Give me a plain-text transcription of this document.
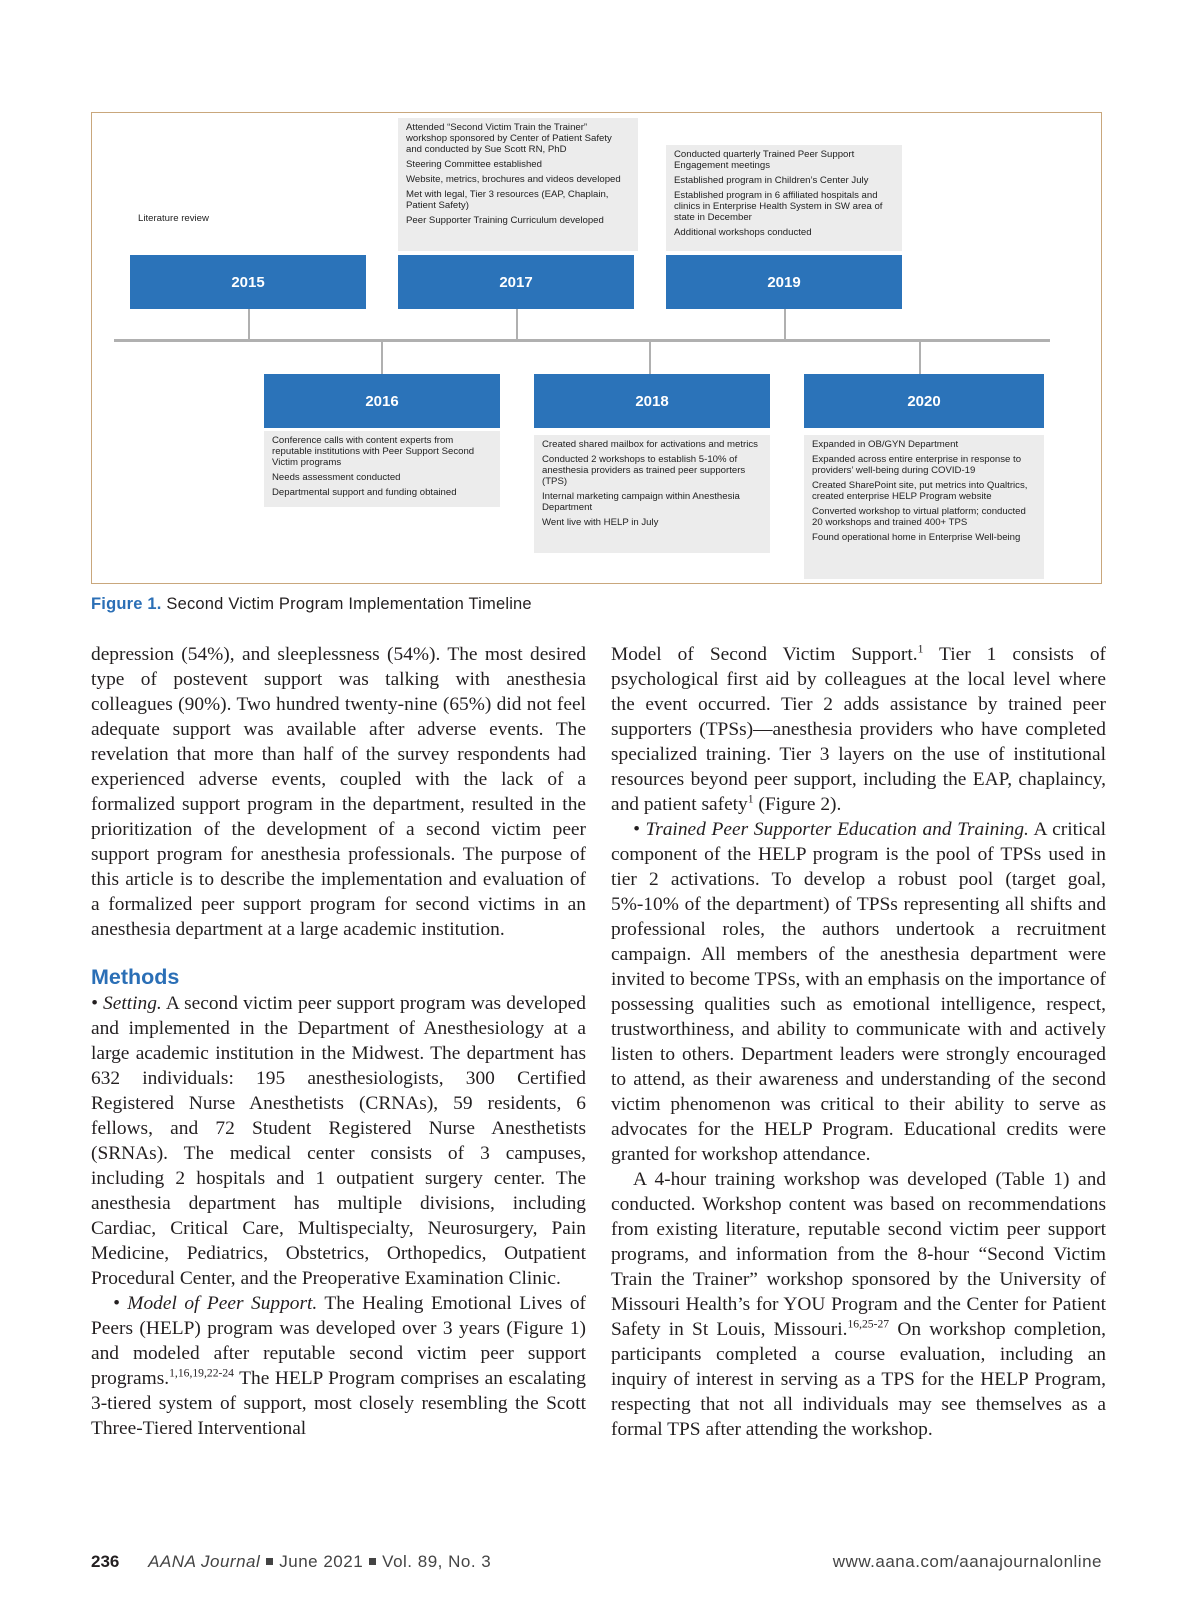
Literature review
Attended “Second Victim Train the Trainer” workshop sponsored by Center of Patient Safety and conducted by Sue Scott RN, PhD
Steering Committee established
Website, metrics, brochures and videos developed
Met with legal, Tier 3 resources (EAP, Chaplain, Patient Safety)
Peer Supporter Training Curriculum developed
Conducted quarterly Trained Peer Support Engagement meetings
Established program in Children’s Center July
Established program in 6 affiliated hospitals and clinics in Enterprise Health System in SW area of state in December
Additional workshops conducted
2015	2017	2019
2016	2018	2020
Conference calls with content experts from reputable institutions with Peer Support Second Victim programs
Needs assessment conducted
Departmental support and funding obtained
Created shared mailbox for activations and metrics
Conducted 2 workshops to establish 5-10% of anesthesia providers as trained peer supporters (TPS)
Internal marketing campaign within Anesthesia Department
Went live with HELP in July
Expanded in OB/GYN Department
Expanded across entire enterprise in response to providers’ well-being during COVID-19
Created SharePoint site, put metrics into Qualtrics, created enterprise HELP Program website
Converted workshop to virtual platform; conducted 20 workshops and trained 400+ TPS
Found operational home in Enterprise Well-being
Figure 1. Second Victim Program Implementation Timeline

depression (54%), and sleeplessness (54%). The most desired type of postevent support was talking with anesthesia colleagues (90%). Two hundred twenty-nine (65%) did not feel adequate support was available after adverse events. The revelation that more than half of the survey respondents had experienced adverse events, coupled with the lack of a formalized support program in the department, resulted in the prioritization of the development of a second victim peer support program for anesthesia professionals. The purpose of this article is to describe the implementation and evaluation of a formalized peer support program for second victims in an anesthesia department at a large academic institution.

Methods

• Setting. A second victim peer support program was developed and implemented in the Department of Anesthesiology at a large academic institution in the Midwest. The department has 632 individuals: 195 anesthesiologists, 300 Certified Registered Nurse Anesthetists (CRNAs), 59 residents, 6 fellows, and 72 Student Registered Nurse Anesthetists (SRNAs). The medical center consists of 3 campuses, including 2 hospitals and 1 outpatient surgery center. The anesthesia department has multiple divisions, including Cardiac, Critical Care, Multispecialty, Neurosurgery, Pain Medicine, Pediatrics, Obstetrics, Orthopedics, Outpatient Procedural Center, and the Preoperative Examination Clinic.

• Model of Peer Support. The Healing Emotional Lives of Peers (HELP) program was developed over 3 years (Figure 1) and modeled after reputable second victim peer support programs.$^{1,16,19,22-24}$ The HELP Program comprises an escalating 3-tiered system of support, most closely resembling the Scott Three-Tiered Interventional

Model of Second Victim Support.$^1$ Tier 1 consists of psychological first aid by colleagues at the local level where the event occurred. Tier 2 adds assistance by trained peer supporters (TPSs)—anesthesia providers who have completed specialized training. Tier 3 layers on the use of institutional resources beyond peer support, including the EAP, chaplaincy, and patient safety$^1$ (Figure 2).

• Trained Peer Supporter Education and Training. A critical component of the HELP program is the pool of TPSs used in tier 2 activations. To develop a robust pool (target goal, 5%-10% of the department) of TPSs representing all shifts and professional roles, the authors undertook a recruitment campaign. All members of the anesthesia department were invited to become TPSs, with an emphasis on the importance of possessing qualities such as emotional intelligence, respect, trustworthiness, and ability to communicate with and actively listen to others. Department leaders were strongly encouraged to attend, as their awareness and understanding of the second victim phenomenon was critical to their ability to serve as advocates for the HELP Program. Educational credits were granted for workshop attendance.

A 4-hour training workshop was developed (Table 1) and conducted. Workshop content was based on recommendations from existing literature, reputable second victim peer support programs, and information from the 8-hour “Second Victim Train the Trainer” workshop sponsored by the University of Missouri Health’s for YOU Program and the Center for Patient Safety in St Louis, Missouri.$^{16,25-27}$ On workshop completion, participants completed a course evaluation, including an inquiry of interest in serving as a TPS for the HELP Program, respecting that not all individuals may see themselves as a formal TPS after attending the workshop.

236 AANA Journal June 2021 Vol. 89, No. 3	www.aana.com/aanajournalonline
